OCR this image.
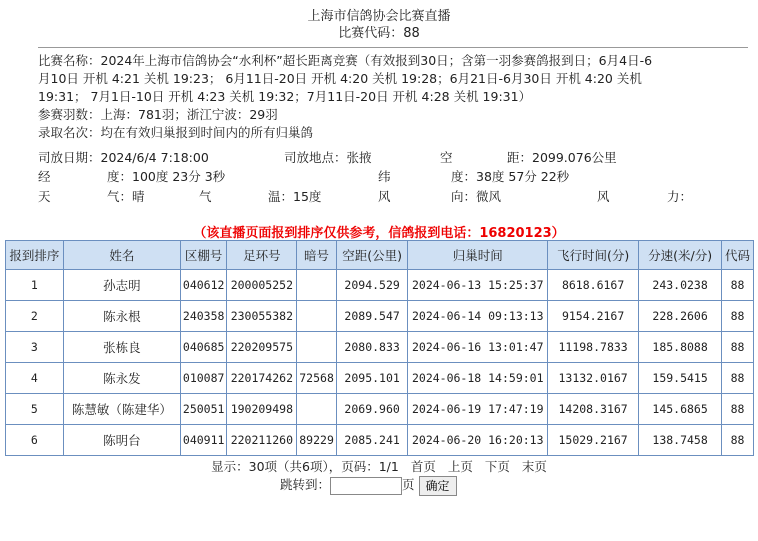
上海市信鸽协会比赛直播
比赛代码：88
比赛名称：2024年上海市信鸽协会“水利杯”超长距离竞赛（有效报到30日；含第一羽参赛鸽报到日；6月4日-6
月10日 开机 4:21 关机 19:23； 6月11日-20日 开机 4:20 关机 19:28；6月21日-6月30日 开机 4:20 关机
19:31； 7月1日-10日 开机 4:23 关机 19:32；7月11日-20日 开机 4:28 关机 19:31）
参赛羽数：上海：781羽；浙江宁波：29羽
录取名次：均在有效归巢报到时间内的所有归巢鸽
司放日期：2024/6/4 7:18:00	司放地点：张掖	空	距：2099.076公里
经	度：100度 23分 3秒	纬	度：38度 57分 22秒
天	气：晴	气	温：15度	风	向：微风	风	力：
（该直播页面报到排序仅供参考，信鸽报到电话：16820123）
报到排序	姓名	区棚号	足环号	暗号	空距(公里)	归巢时间	飞行时间(分)	分速(米/分)	代码
1	孙志明	040612	200005252		2094.529	2024-06-13 15:25:37	8618.6167	243.0238	88
2	陈永根	240358	230055382		2089.547	2024-06-14 09:13:13	9154.2167	228.2606	88
3	张栋良	040685	220209575		2080.833	2024-06-16 13:01:47	11198.7833	185.8088	88
4	陈永发	010087	220174262	72568	2095.101	2024-06-18 14:59:01	13132.0167	159.5415	88
5	陈慧敏（陈建华）	250051	190209498		2069.960	2024-06-19 17:47:19	14208.3167	145.6865	88
6	陈明台	040911	220211260	89229	2085.241	2024-06-20 16:20:13	15029.2167	138.7458	88
显示：30项（共6项），页码：1/1 首页 上页 下页 末页
跳转到：	页 确定
